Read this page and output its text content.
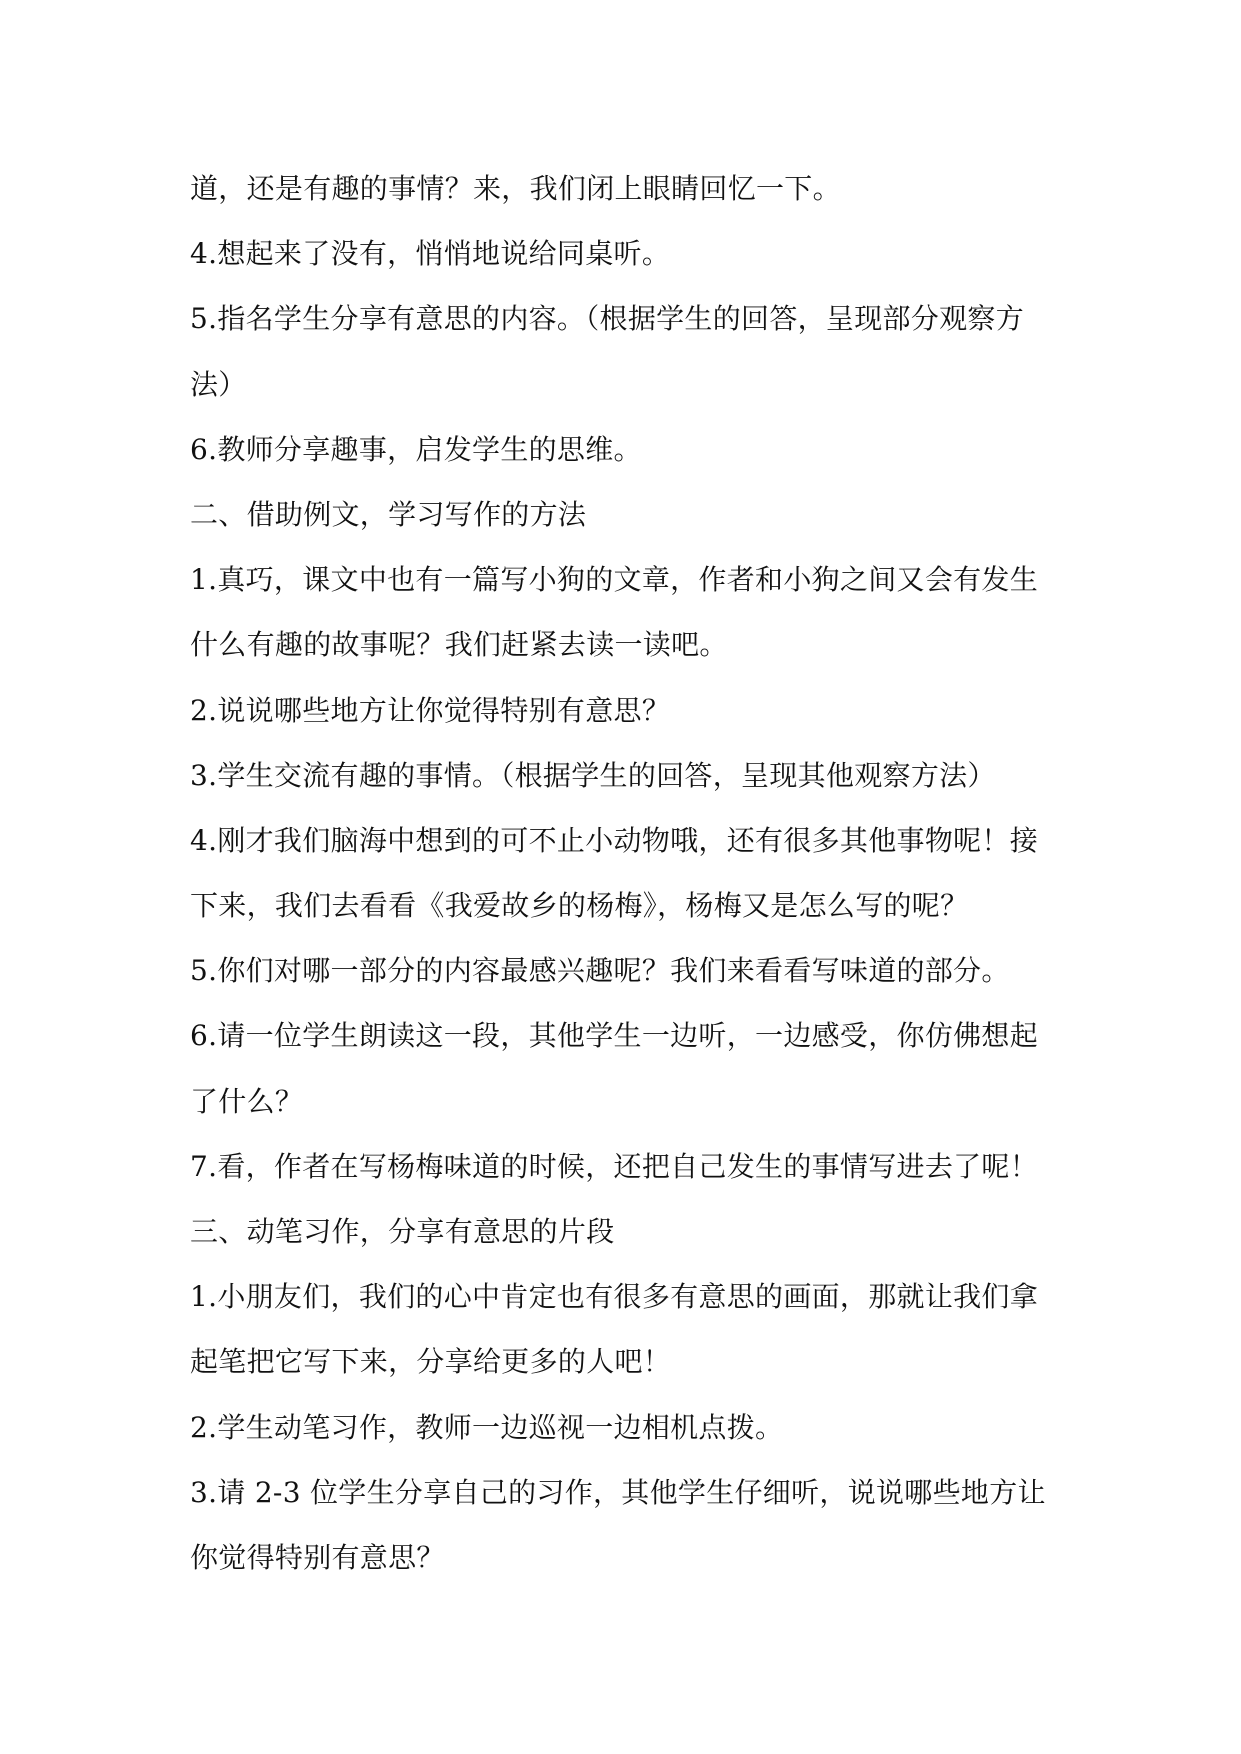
道，还是有趣的事情？来，我们闭上眼睛回忆一下。
4.想起来了没有，悄悄地说给同桌听。
5.指名学生分享有意思的内容。（根据学生的回答，呈现部分观察方
法）
6.教师分享趣事，启发学生的思维。
二、借助例文，学习写作的方法
1.真巧，课文中也有一篇写小狗的文章，作者和小狗之间又会有发生
什么有趣的故事呢？我们赶紧去读一读吧。
2.说说哪些地方让你觉得特别有意思？
3.学生交流有趣的事情。（根据学生的回答，呈现其他观察方法）
4.刚才我们脑海中想到的可不止小动物哦，还有很多其他事物呢！接
下来，我们去看看《我爱故乡的杨梅》，杨梅又是怎么写的呢？
5.你们对哪一部分的内容最感兴趣呢？我们来看看写味道的部分。
6.请一位学生朗读这一段，其他学生一边听，一边感受，你仿佛想起
了什么？
7.看，作者在写杨梅味道的时候，还把自己发生的事情写进去了呢！
三、动笔习作，分享有意思的片段
1.小朋友们，我们的心中肯定也有很多有意思的画面，那就让我们拿
起笔把它写下来，分享给更多的人吧！
2.学生动笔习作，教师一边巡视一边相机点拨。
3.请 2-3 位学生分享自己的习作，其他学生仔细听，说说哪些地方让
你觉得特别有意思？
